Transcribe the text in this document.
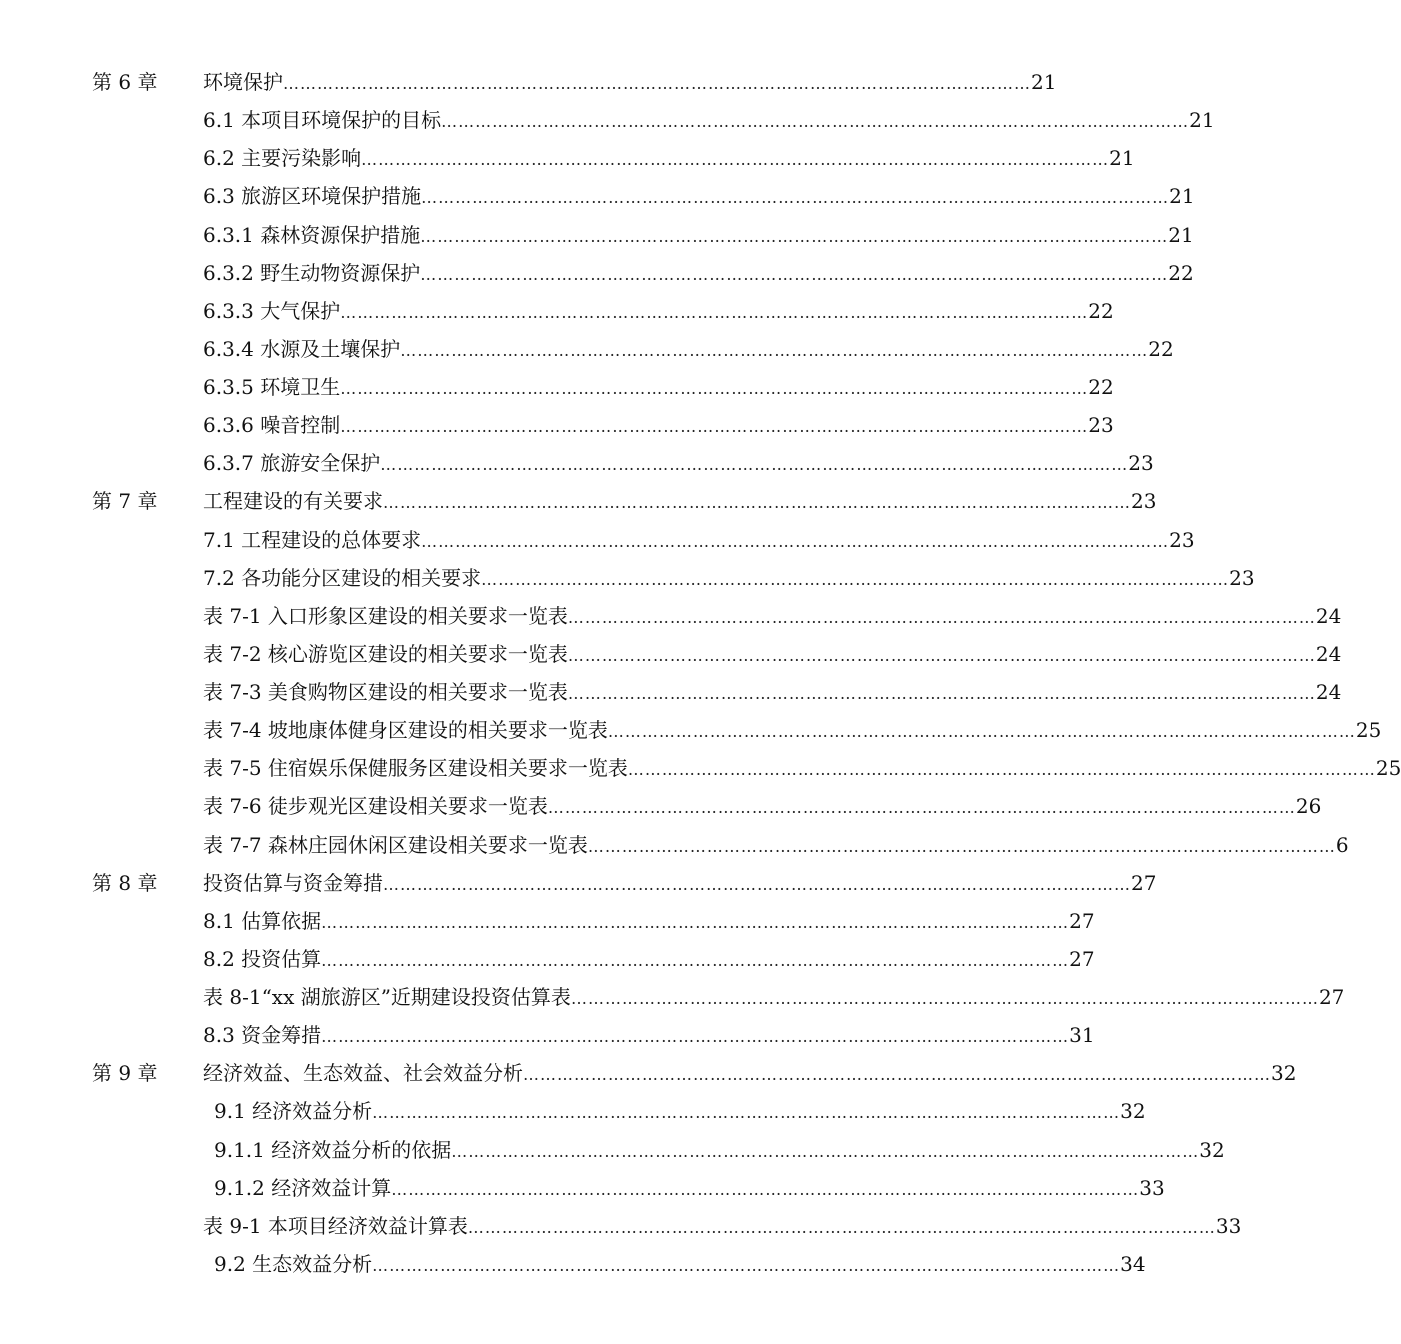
第 6 章 环境保护 …………………………………………………………………………………………………………………… 21
6.1 本项目环境保护的目标 …………………………………………………………………………………………………………………… 21
6.2 主要污染影响 …………………………………………………………………………………………………………………… 21
6.3 旅游区环境保护措施 …………………………………………………………………………………………………………………… 21
6.3.1 森林资源保护措施 …………………………………………………………………………………………………………………… 21
6.3.2 野生动物资源保护 …………………………………………………………………………………………………………………… 22
6.3.3 大气保护 …………………………………………………………………………………………………………………… 22
6.3.4 水源及土壤保护 …………………………………………………………………………………………………………………… 22
6.3.5 环境卫生 …………………………………………………………………………………………………………………… 22
6.3.6 噪音控制 …………………………………………………………………………………………………………………… 23
6.3.7 旅游安全保护 …………………………………………………………………………………………………………………… 23
第 7 章 工程建设的有关要求 …………………………………………………………………………………………………………………… 23
7.1 工程建设的总体要求 …………………………………………………………………………………………………………………… 23
7.2 各功能分区建设的相关要求 …………………………………………………………………………………………………………………… 23
表 7-1 入口形象区建设的相关要求一览表 …………………………………………………………………………………………………………………… 24
表 7-2 核心游览区建设的相关要求一览表 …………………………………………………………………………………………………………………… 24
表 7-3 美食购物区建设的相关要求一览表 …………………………………………………………………………………………………………………… 24
表 7-4 坡地康体健身区建设的相关要求一览表 …………………………………………………………………………………………………………………… 25
表 7-5 住宿娱乐保健服务区建设相关要求一览表 …………………………………………………………………………………………………………………… 25
表 7-6 徒步观光区建设相关要求一览表 …………………………………………………………………………………………………………………… 26
表 7-7 森林庄园休闲区建设相关要求一览表 …………………………………………………………………………………………………………………… 6
第 8 章 投资估算与资金筹措 …………………………………………………………………………………………………………………… 27
8.1 估算依据 …………………………………………………………………………………………………………………… 27
8.2 投资估算 …………………………………………………………………………………………………………………… 27
表 8-1“xx 湖旅游区”近期建设投资估算表 …………………………………………………………………………………………………………………… 27
8.3 资金筹措 …………………………………………………………………………………………………………………… 31
第 9 章 经济效益、生态效益、社会效益分析 …………………………………………………………………………………………………………………… 32
9.1 经济效益分析 …………………………………………………………………………………………………………………… 32
9.1.1 经济效益分析的依据 …………………………………………………………………………………………………………………… 32
9.1.2 经济效益计算 …………………………………………………………………………………………………………………… 33
表 9-1 本项目经济效益计算表 …………………………………………………………………………………………………………………… 33
9.2 生态效益分析 …………………………………………………………………………………………………………………… 34
